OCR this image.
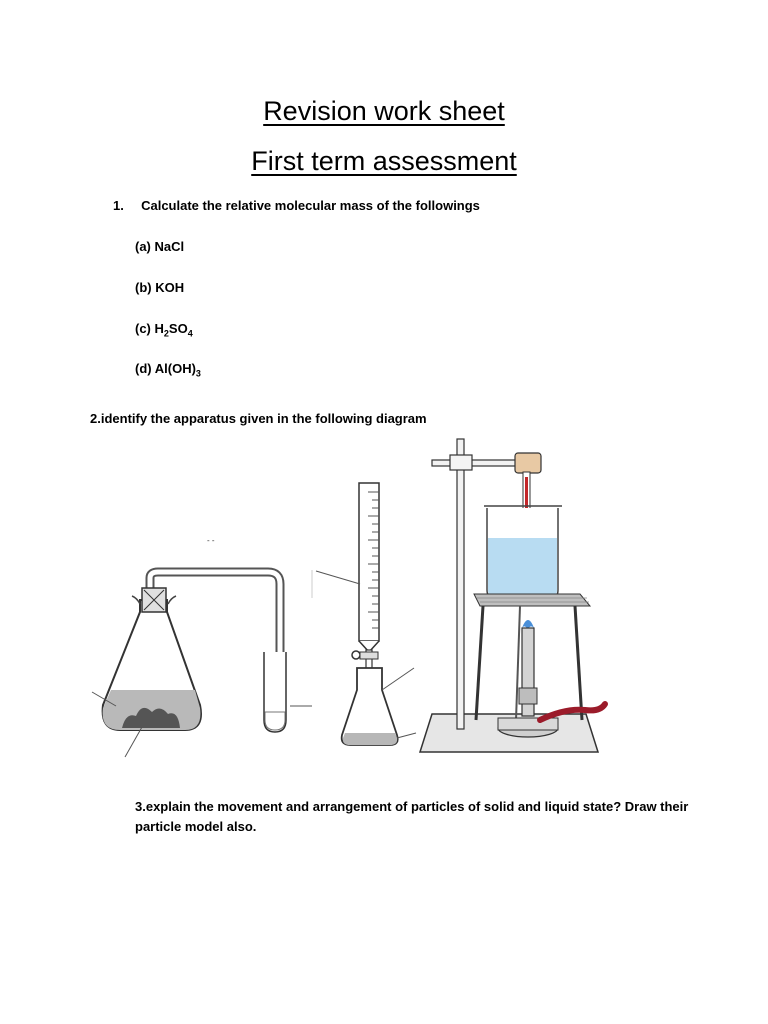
Revision work sheet
First term assessment
1. Calculate the relative molecular mass of the followings
(a) NaCl
(b) KOH
(c) $H_2SO_4$
(d) $Al(OH)_3$
2.identify the apparatus given in the following diagram
- -
3.explain the movement and arrangement of particles of solid and liquid state? Draw their
particle model also.
